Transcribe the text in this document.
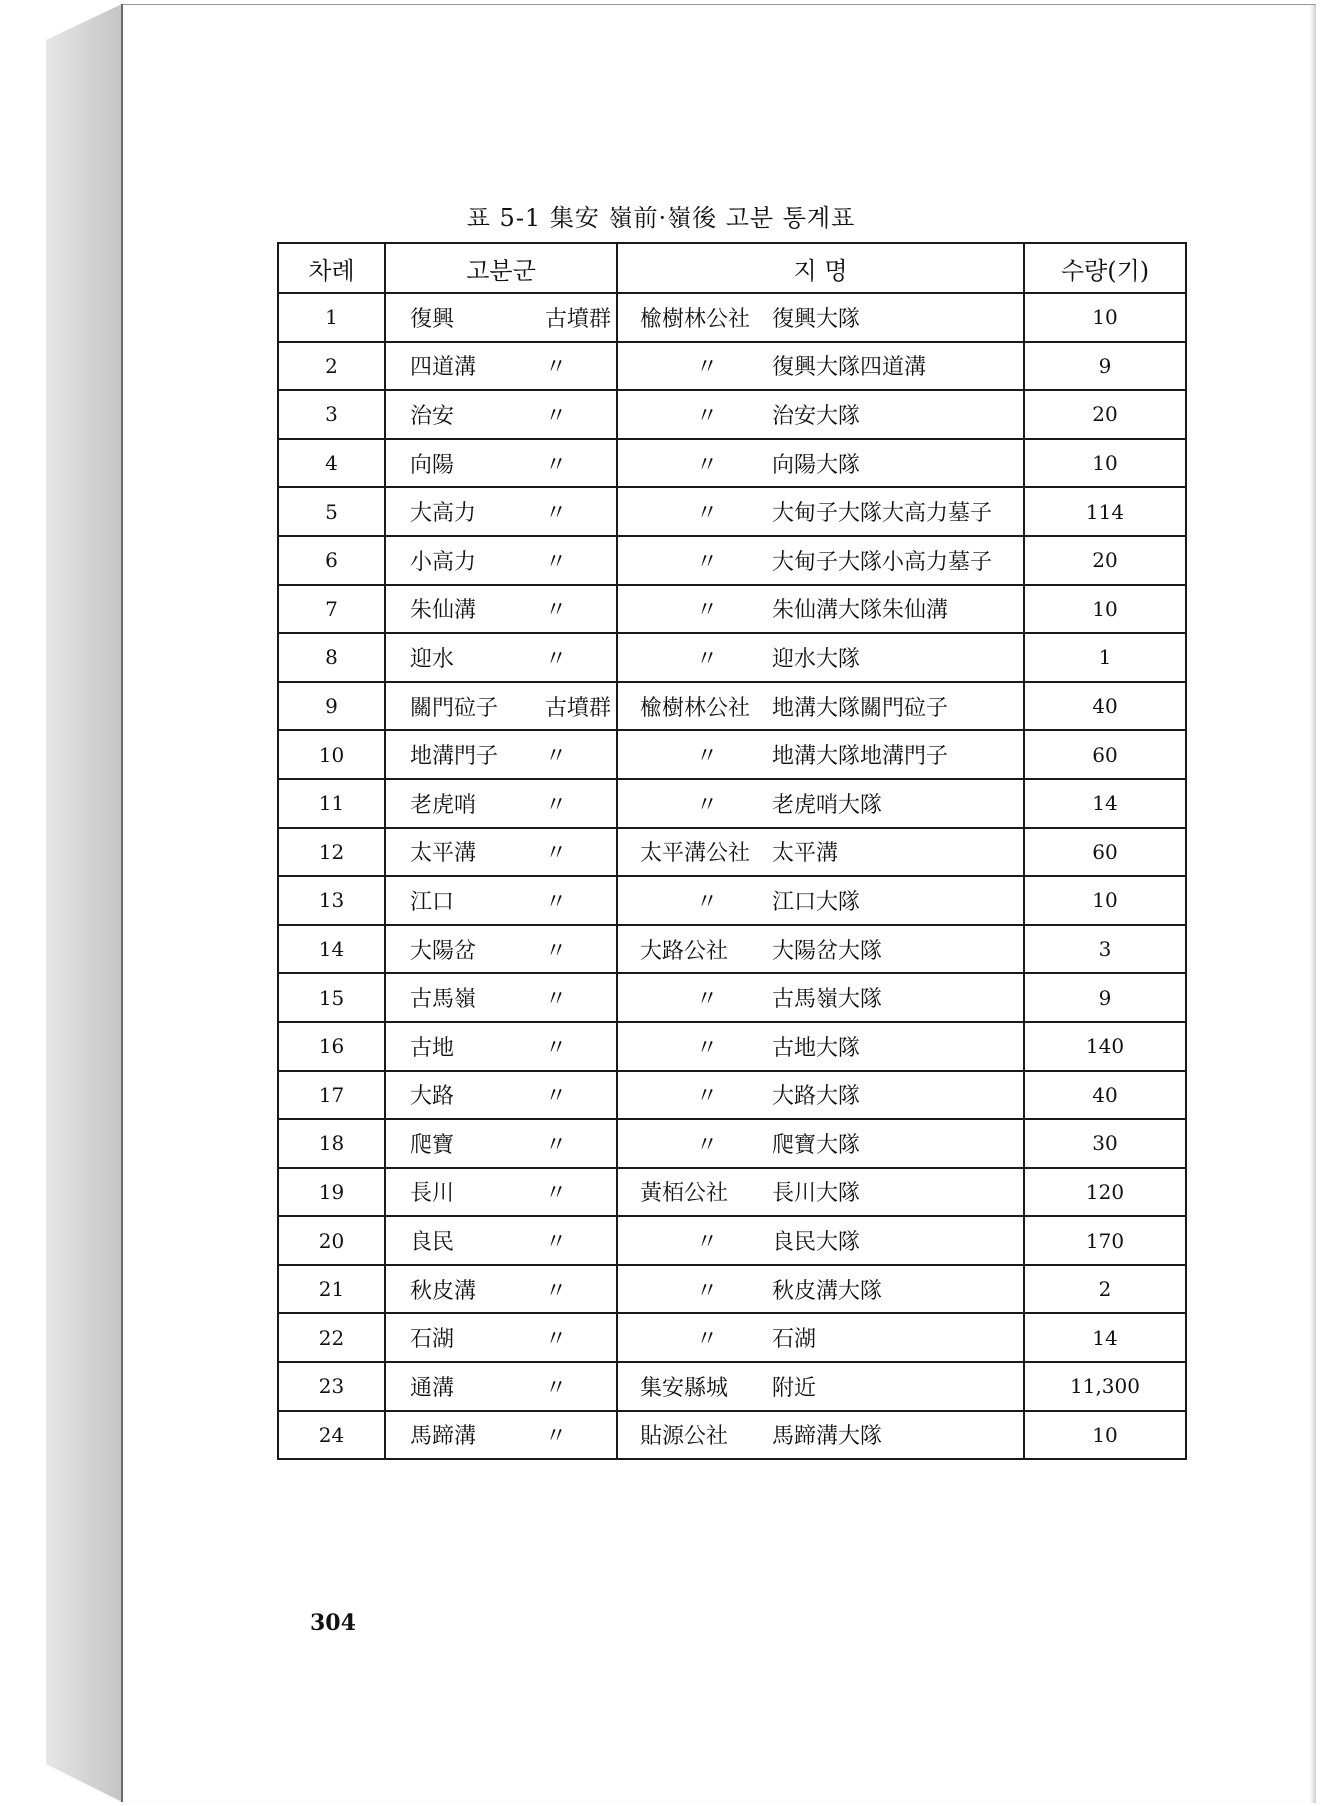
표 5-1 集安 嶺前·嶺後 고분 통계표
차례	고분군	지 명	수량(기)
1	復興 古墳群	楡樹林公社 復興大隊	10
2	四道溝 〃	〃 復興大隊四道溝	9
3	治安 〃	〃 治安大隊	20
4	向陽 〃	〃 向陽大隊	10
5	大高力 〃	〃 大甸子大隊大高力墓子	114
6	小高力 〃	〃 大甸子大隊小高力墓子	20
7	朱仙溝 〃	〃 朱仙溝大隊朱仙溝	10
8	迎水 〃	〃 迎水大隊	1
9	關門砬子 古墳群	楡樹林公社 地溝大隊關門砬子	40
10	地溝門子 〃	〃 地溝大隊地溝門子	60
11	老虎哨 〃	〃 老虎哨大隊	14
12	太平溝 〃	太平溝公社 太平溝	60
13	江口 〃	〃 江口大隊	10
14	大陽岔 〃	大路公社 大陽岔大隊	3
15	古馬嶺 〃	〃 古馬嶺大隊	9
16	古地 〃	〃 古地大隊	140
17	大路 〃	〃 大路大隊	40
18	爬寶 〃	〃 爬寶大隊	30
19	長川 〃	黃栢公社 長川大隊	120
20	良民 〃	〃 良民大隊	170
21	秋皮溝 〃	〃 秋皮溝大隊	2
22	石湖 〃	〃 石湖	14
23	通溝 〃	集安縣城 附近	11,300
24	馬蹄溝 〃	貼源公社 馬蹄溝大隊	10
304
